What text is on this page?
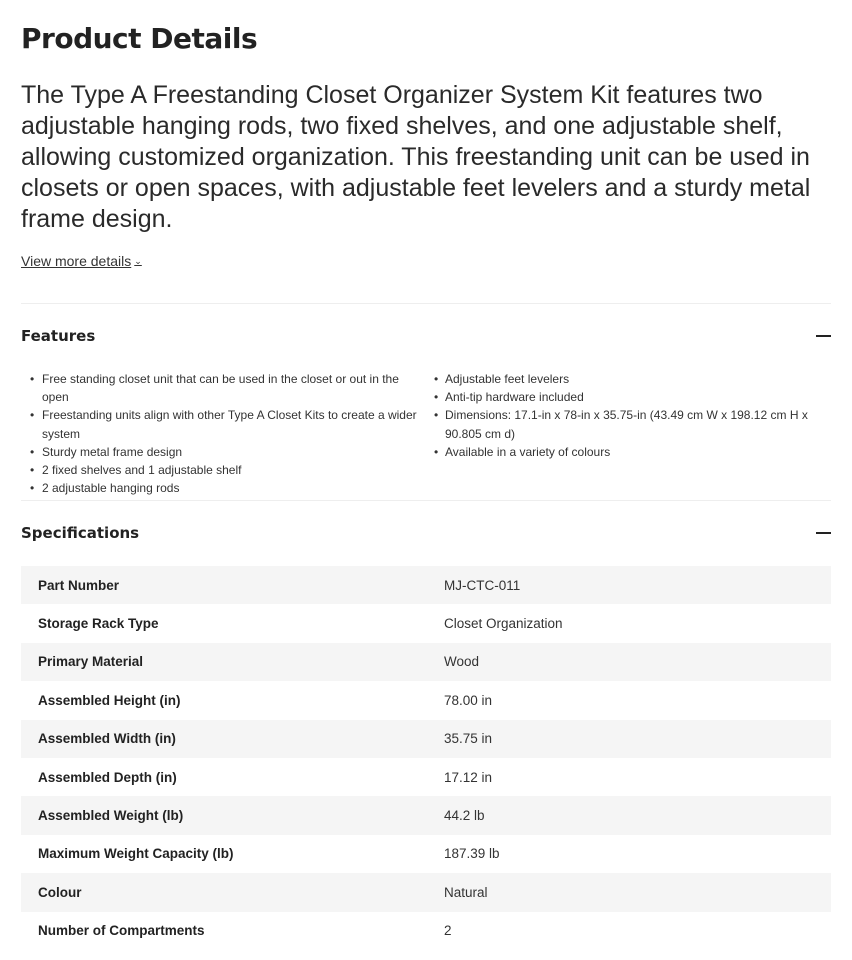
Product Details

The Type A Freestanding Closet Organizer System Kit features two adjustable hanging rods, two fixed shelves, and one adjustable shelf, allowing customized organization. This freestanding unit can be used in closets or open spaces, with adjustable feet levelers and a sturdy metal frame design.

View more details ⌄
Features
• Free standing closet unit that can be used in the closet or out in the open
• Freestanding units align with other Type A Closet Kits to create a wider system
• Sturdy metal frame design
• 2 fixed shelves and 1 adjustable shelf
• 2 adjustable hanging rods
• Adjustable feet levelers
• Anti-tip hardware included
• Dimensions: 17.1-in x 78-in x 35.75-in (43.49 cm W x 198.12 cm H x 90.805 cm d)
• Available in a variety of colours
Specifications
Part Number	MJ-CTC-011
Storage Rack Type	Closet Organization
Primary Material	Wood
Assembled Height (in)	78.00 in
Assembled Width (in)	35.75 in
Assembled Depth (in)	17.12 in
Assembled Weight (lb)	44.2 lb
Maximum Weight Capacity (lb)	187.39 lb
Colour	Natural
Number of Compartments	2
